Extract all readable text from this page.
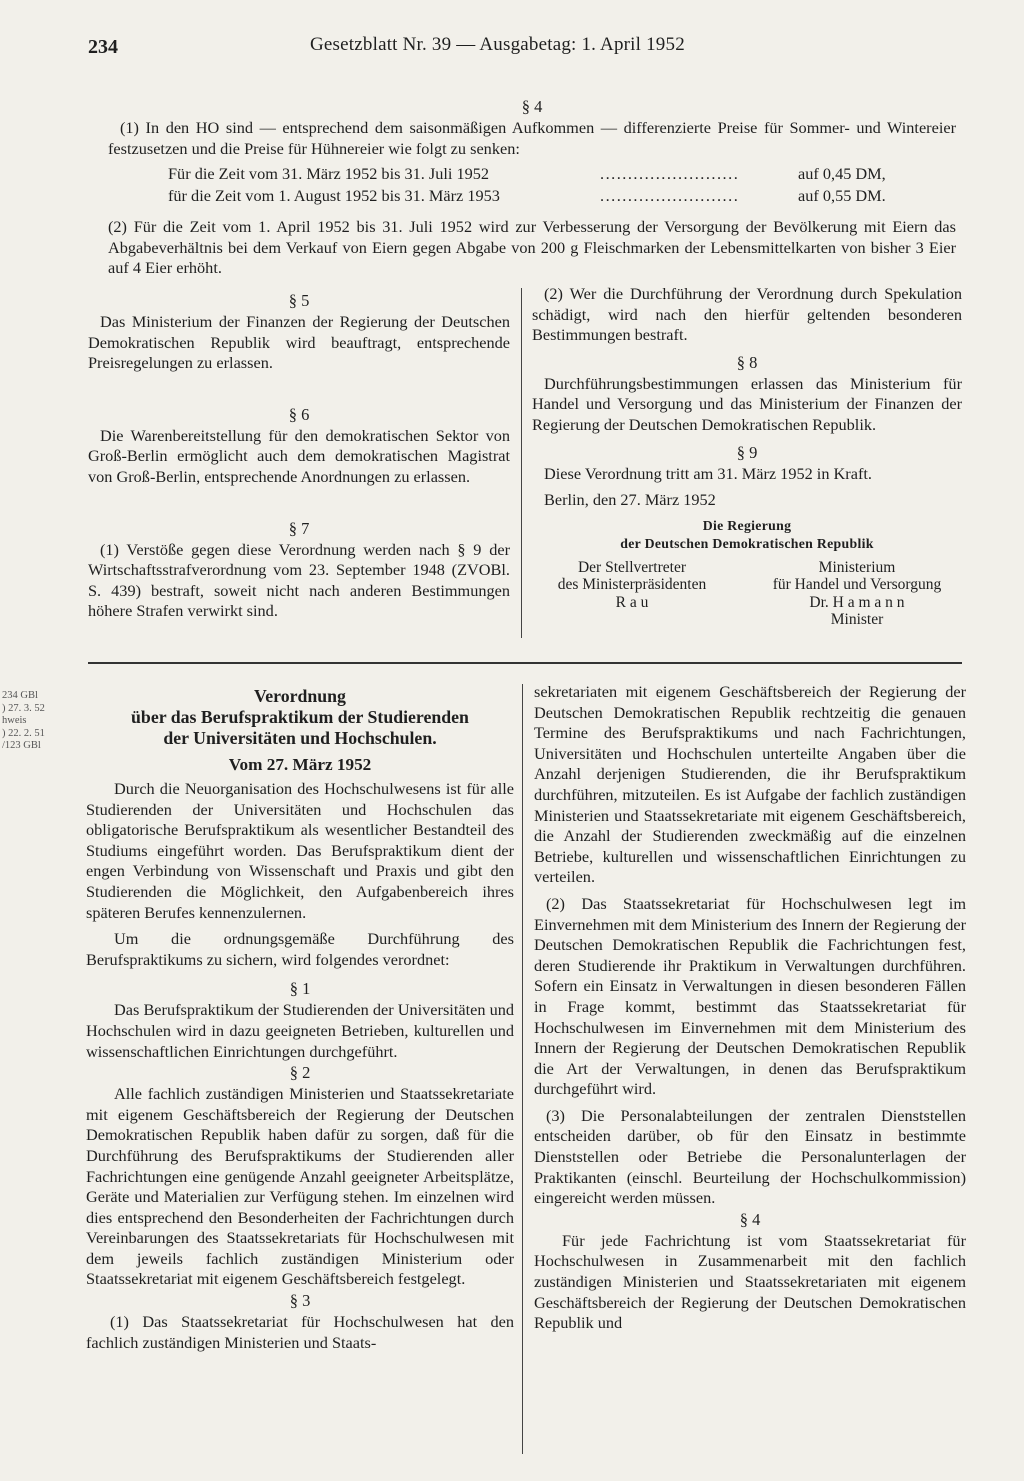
234	Gesetzblatt Nr. 39 — Ausgabetag: 1. April 1952

§ 4

(1) In den HO sind — entsprechend dem saisonmäßigen Aufkommen — differenzierte Preise für Sommer- und Wintereier festzusetzen und die Preise für Hühnereier wie folgt zu senken:

Für die Zeit vom 31. März 1952 bis 31. Juli 1952	.........................	auf 0,45 DM,
für die Zeit vom 1. August 1952 bis 31. März 1953	.........................	auf 0,55 DM.

(2) Für die Zeit vom 1. April 1952 bis 31. Juli 1952 wird zur Verbesserung der Versorgung der Bevölkerung mit Eiern das Abgabeverhältnis bei dem Verkauf von Eiern gegen Abgabe von 200 g Fleischmarken der Lebensmittelkarten von bisher 3 Eier auf 4 Eier erhöht.

§ 5

Das Ministerium der Finanzen der Regierung der Deutschen Demokratischen Republik wird beauftragt, entsprechende Preisregelungen zu erlassen.

§ 6

Die Warenbereitstellung für den demokratischen Sektor von Groß-Berlin ermöglicht auch dem demokratischen Magistrat von Groß-Berlin, entsprechende Anordnungen zu erlassen.

§ 7

(1) Verstöße gegen diese Verordnung werden nach § 9 der Wirtschaftsstrafverordnung vom 23. September 1948 (ZVOBl. S. 439) bestraft, soweit nicht nach anderen Bestimmungen höhere Strafen verwirkt sind.

(2) Wer die Durchführung der Verordnung durch Spekulation schädigt, wird nach den hierfür geltenden besonderen Bestimmungen bestraft.

§ 8

Durchführungsbestimmungen erlassen das Ministerium für Handel und Versorgung und das Ministerium der Finanzen der Regierung der Deutschen Demokratischen Republik.

§ 9

Diese Verordnung tritt am 31. März 1952 in Kraft.

Berlin, den 27. März 1952

Die Regierung
der Deutschen Demokratischen Republik
Der Stellvertreter
des Ministerpräsidenten
R a u
Ministerium
für Handel und Versorgung
Dr. H a m a n n
Minister
234 GBl
) 27. 3. 52
hweis
) 22. 2. 51
/123 GBl
Verordnung
über das Berufspraktikum der Studierenden
der Universitäten und Hochschulen.
Vom 27. März 1952

Durch die Neuorganisation des Hochschulwesens ist für alle Studierenden der Universitäten und Hochschulen das obligatorische Berufspraktikum als wesentlicher Bestandteil des Studiums eingeführt worden. Das Berufspraktikum dient der engen Verbindung von Wissenschaft und Praxis und gibt den Studierenden die Möglichkeit, den Aufgabenbereich ihres späteren Berufes kennenzulernen.

Um die ordnungsgemäße Durchführung des Berufspraktikums zu sichern, wird folgendes verordnet:

§ 1

Das Berufspraktikum der Studierenden der Universitäten und Hochschulen wird in dazu geeigneten Betrieben, kulturellen und wissenschaftlichen Einrichtungen durchgeführt.

§ 2

Alle fachlich zuständigen Ministerien und Staatssekretariate mit eigenem Geschäftsbereich der Regierung der Deutschen Demokratischen Republik haben dafür zu sorgen, daß für die Durchführung des Berufspraktikums der Studierenden aller Fachrichtungen eine genügende Anzahl geeigneter Arbeitsplätze, Geräte und Materialien zur Verfügung stehen. Im einzelnen wird dies entsprechend den Besonderheiten der Fachrichtungen durch Vereinbarungen des Staatssekretariats für Hochschulwesen mit dem jeweils fachlich zuständigen Ministerium oder Staatssekretariat mit eigenem Geschäftsbereich festgelegt.

§ 3

(1) Das Staatssekretariat für Hochschulwesen hat den fachlich zuständigen Ministerien und Staats-

sekretariaten mit eigenem Geschäftsbereich der Regierung der Deutschen Demokratischen Republik rechtzeitig die genauen Termine des Berufspraktikums und nach Fachrichtungen, Universitäten und Hochschulen unterteilte Angaben über die Anzahl derjenigen Studierenden, die ihr Berufspraktikum durchführen, mitzuteilen. Es ist Aufgabe der fachlich zuständigen Ministerien und Staatssekretariate mit eigenem Geschäftsbereich, die Anzahl der Studierenden zweckmäßig auf die einzelnen Betriebe, kulturellen und wissenschaftlichen Einrichtungen zu verteilen.

(2) Das Staatssekretariat für Hochschulwesen legt im Einvernehmen mit dem Ministerium des Innern der Regierung der Deutschen Demokratischen Republik die Fachrichtungen fest, deren Studierende ihr Praktikum in Verwaltungen durchführen. Sofern ein Einsatz in Verwaltungen in diesen besonderen Fällen in Frage kommt, bestimmt das Staatssekretariat für Hochschulwesen im Einvernehmen mit dem Ministerium des Innern der Regierung der Deutschen Demokratischen Republik die Art der Verwaltungen, in denen das Berufspraktikum durchgeführt wird.

(3) Die Personalabteilungen der zentralen Dienststellen entscheiden darüber, ob für den Einsatz in bestimmte Dienststellen oder Betriebe die Personalunterlagen der Praktikanten (einschl. Beurteilung der Hochschulkommission) eingereicht werden müssen.

§ 4

Für jede Fachrichtung ist vom Staatssekretariat für Hochschulwesen in Zusammenarbeit mit den fachlich zuständigen Ministerien und Staatssekretariaten mit eigenem Geschäftsbereich der Regierung der Deutschen Demokratischen Republik und
